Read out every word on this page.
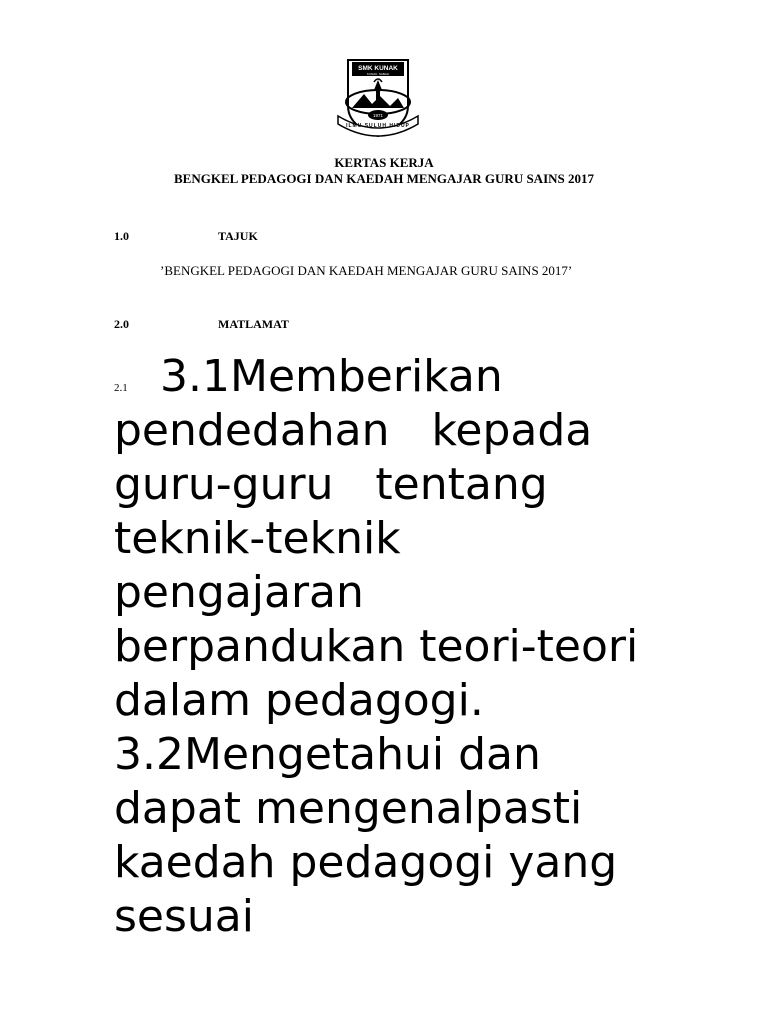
SMK KUNAK
KUNAK, SABAH
1971
ILMU SULUH HIDUP
KERTAS KERJA
BENGKEL PEDAGOGI DAN KAEDAH MENGAJAR GURU SAINS 2017
1.0	TAJUK
’BENGKEL PEDAGOGI DAN KAEDAH MENGAJAR GURU SAINS 2017’
2.0	MATLAMAT
2.1 3.1Memberikan
pendedahan   kepada
guru-guru   tentang
teknik-teknik
pengajaran
berpandukan teori-teori
dalam pedagogi.
3.2Mengetahui dan
dapat mengenalpasti
kaedah pedagogi yang
sesuai
